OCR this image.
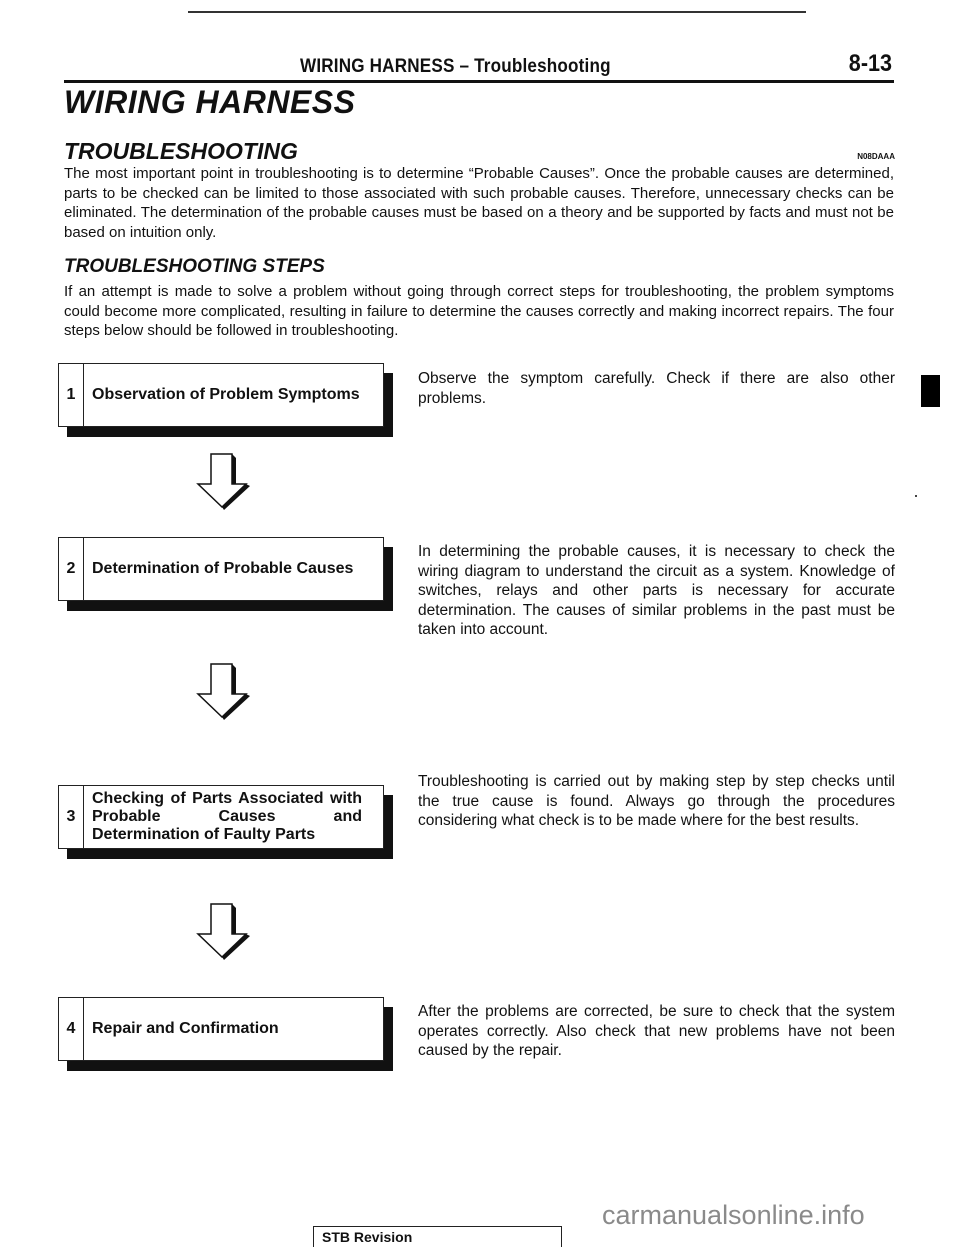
WIRING HARNESS – Troubleshooting	8-13
WIRING HARNESS
TROUBLESHOOTING	N08DAAA
The most important point in troubleshooting is to determine “Probable Causes”. Once the probable causes are determined, parts to be checked can be limited to those associated with such probable causes. Therefore, unnecessary checks can be eliminated. The determination of the probable causes must be based on a theory and be supported by facts and must not be based on intuition only.
TROUBLESHOOTING STEPS
If an attempt is made to solve a problem without going through correct steps for troubleshooting, the problem symptoms could become more complicated, resulting in failure to determine the causes correctly and making incorrect repairs. The four steps below should be followed in troubleshooting.
1	Observation of Problem Symptoms
Observe the symptom carefully. Check if there are also other problems.
2	Determination of Probable Causes
In determining the probable causes, it is necessary to check the wiring diagram to understand the circuit as a system. Knowledge of switches, relays and other parts is necessary for accurate determination. The causes of similar problems in the past must be taken into account.
3
Checking of Parts Associated with Probable Causes and Determination of Faulty Parts
Troubleshooting is carried out by making step by step checks until the true cause is found. Always go through the procedures considering what check is to be made where for the best results.
4	Repair and Confirmation
After the problems are corrected, be sure to check that the system operates correctly. Also check that new problems have not been caused by the repair.
STB Revision
carmanualsonline.info
